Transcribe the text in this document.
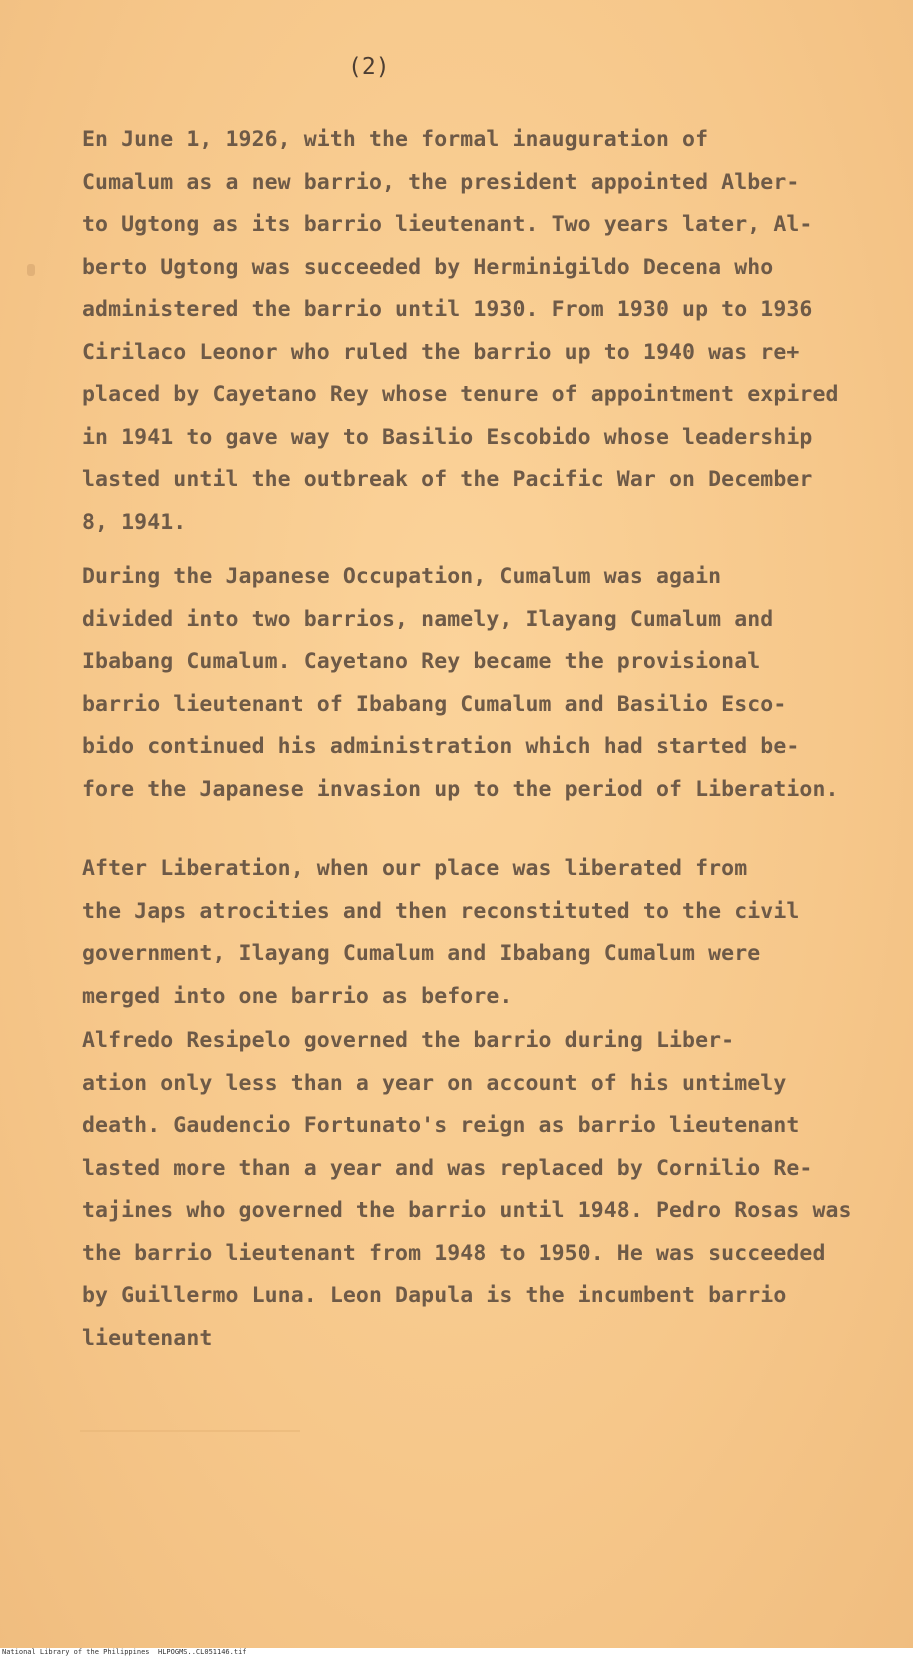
(2)
En June 1, 1926, with the formal inauguration of
Cumalum as a new barrio, the president appointed Alber-
to Ugtong as its barrio lieutenant. Two years later, Al-
berto Ugtong was succeeded by Herminigildo Decena who
administered the barrio until 1930. From 1930 up to 1936
Cirilaco Leonor who ruled the barrio up to 1940 was re+
placed by Cayetano Rey whose tenure of appointment expired
in 1941 to gave way to Basilio Escobido whose leadership
lasted until the outbreak of the Pacific War on December
8, 1941.
During the Japanese Occupation, Cumalum was again
divided into two barrios, namely, Ilayang Cumalum and
Ibabang Cumalum. Cayetano Rey became the provisional
barrio lieutenant of Ibabang Cumalum and Basilio Esco-
bido continued his administration which had started be-
fore the Japanese invasion up to the period of Liberation.
After Liberation, when our place was liberated from
the Japs atrocities and then reconstituted to the civil
government, Ilayang Cumalum and Ibabang Cumalum were
merged into one barrio as before.
Alfredo Resipelo governed the barrio during Liber-
ation only less than a year on account of his untimely
death. Gaudencio Fortunato's reign as barrio lieutenant
lasted more than a year and was replaced by Cornilio Re-
tajines who governed the barrio until 1948. Pedro Rosas was
the barrio lieutenant from 1948 to 1950. He was succeeded
by Guillermo Luna. Leon Dapula is the incumbent barrio
lieutenant
National Library of the Philippines HLPOGMS..CL051146.tif
